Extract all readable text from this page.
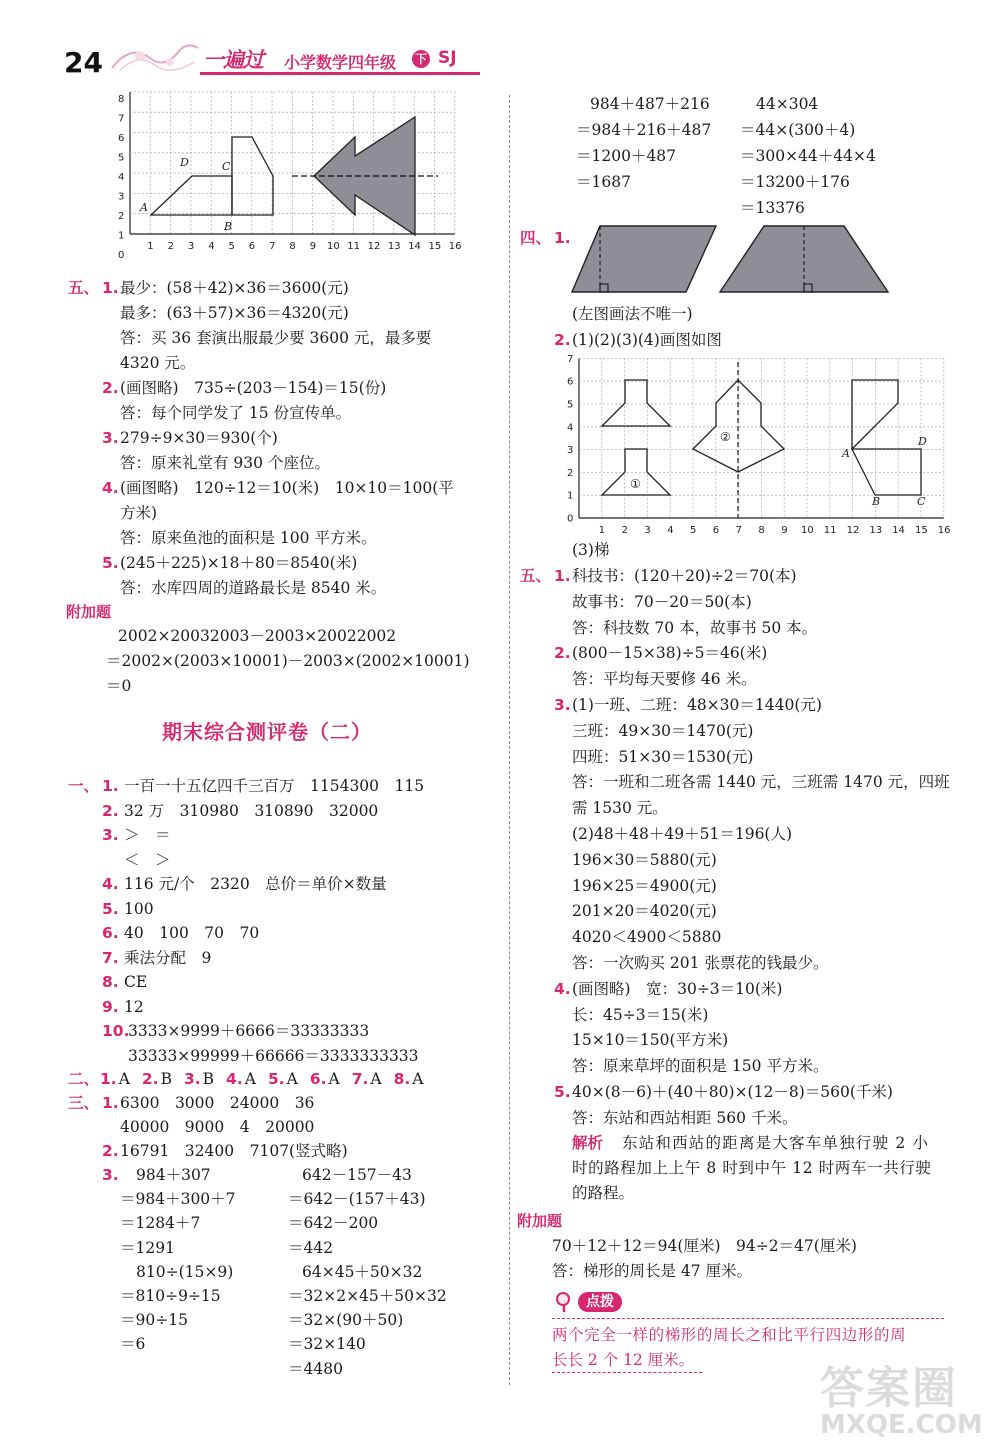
24	一遍过 小学数学四年级 下 SJ
0
1
2
3
4
5
6
7
8
1 2 3 4 5 6 7 8 9 10 11 12 13 14 15 16
A
B
C
D
五、 1. 最少：(58＋42)×36＝3600(元)
最多：(63＋57)×36＝4320(元)
答：买 36 套演出服最少要 3600 元，最多要
4320 元。
2. (画图略)　735÷(203－154)＝15(份)
答：每个同学发了 15 份宣传单。
3. 279÷9×30＝930(个)
答：原来礼堂有 930 个座位。
4. (画图略)　120÷12＝10(米)　10×10＝100(平
方米)
答：原来鱼池的面积是 100 平方米。
5. (245＋225)×18＋80＝8540(米)
答：水库四周的道路最长是 8540 米。
附加题
2002×20032003－2003×20022002
＝2002×(2003×10001)－2003×(2002×10001)
＝0
期末综合测评卷（二）
一、 1. 一百一十五亿四千三百万　1154300　115
2. 32 万　310980　310890　32000
3. ＞　＝
＜　＞
4. 116 元/个　2320　总价＝单价×数量
5. 100
6. 40　100　70　70
7. 乘法分配　9
8. CE
9. 12
10.
3333×9999＋6666＝33333333
33333×99999＋66666＝3333333333
二、 1. A 2. B 3. B 4. A 5. A 6. A 7. A 8. A
三、 1. 6300　3000　24000　36
40000　9000　4　20000
2. 16791　32400　7107(竖式略)
3. 984＋307
＝984＋300＋7
＝1284＋7
＝1291
810÷(15×9)
＝810÷9÷15
＝90÷15
＝6
642－157－43
＝642－(157＋43)
＝642－200
＝442
64×45＋50×32
＝32×2×45＋50×32
＝32×(90＋50)
＝32×140
＝4480
984＋487＋216
＝984＋216＋487
＝1200＋487
＝1687
44×304
＝44×(300＋4)
＝300×44＋44×4
＝13200＋176
＝13376
四、 1.
(左图画法不唯一)
2. (1)(2)(3)(4)画图如图
0
1
2
3
4
5
6
7
1 2 3 4 5 6 7 8 9 10 11 12 13 14 15 16
①
②
A
B	C
D
(3)梯
五、 1. 科技书：(120＋20)÷2＝70(本)
故事书：70－20＝50(本)
答：科技数 70 本，故事书 50 本。
2. (800－15×38)÷5＝46(米)
答：平均每天要修 46 米。
3. (1)一班、二班：48×30＝1440(元)
三班：49×30＝1470(元)
四班：51×30＝1530(元)
答：一班和二班各需 1440 元，三班需 1470 元，四班
需 1530 元。
(2)48＋48＋49＋51＝196(人)
196×30＝5880(元)
196×25＝4900(元)
201×20＝4020(元)
4020＜4900＜5880
答：一次购买 201 张票花的钱最少。
4. (画图略)　宽：30÷3＝10(米)
长：45÷3＝15(米)
15×10＝150(平方米)
答：原来草坪的面积是 150 平方米。
5. 40×(8－6)＋(40＋80)×(12－8)＝560(千米)
答：东站和西站相距 560 千米。
解析 东站和西站的距离是大客车单独行驶 2 小
时的路程加上上午 8 时到中午 12 时两车一共行驶
的路程。
附加题
70＋12＋12＝94(厘米)　94÷2＝47(厘米)
答：梯形的周长是 47 厘米。
点拨
两个完全一样的梯形的周长之和比平行四边形的周
长长 2 个 12 厘米。
答案圈
MXQE.COM
